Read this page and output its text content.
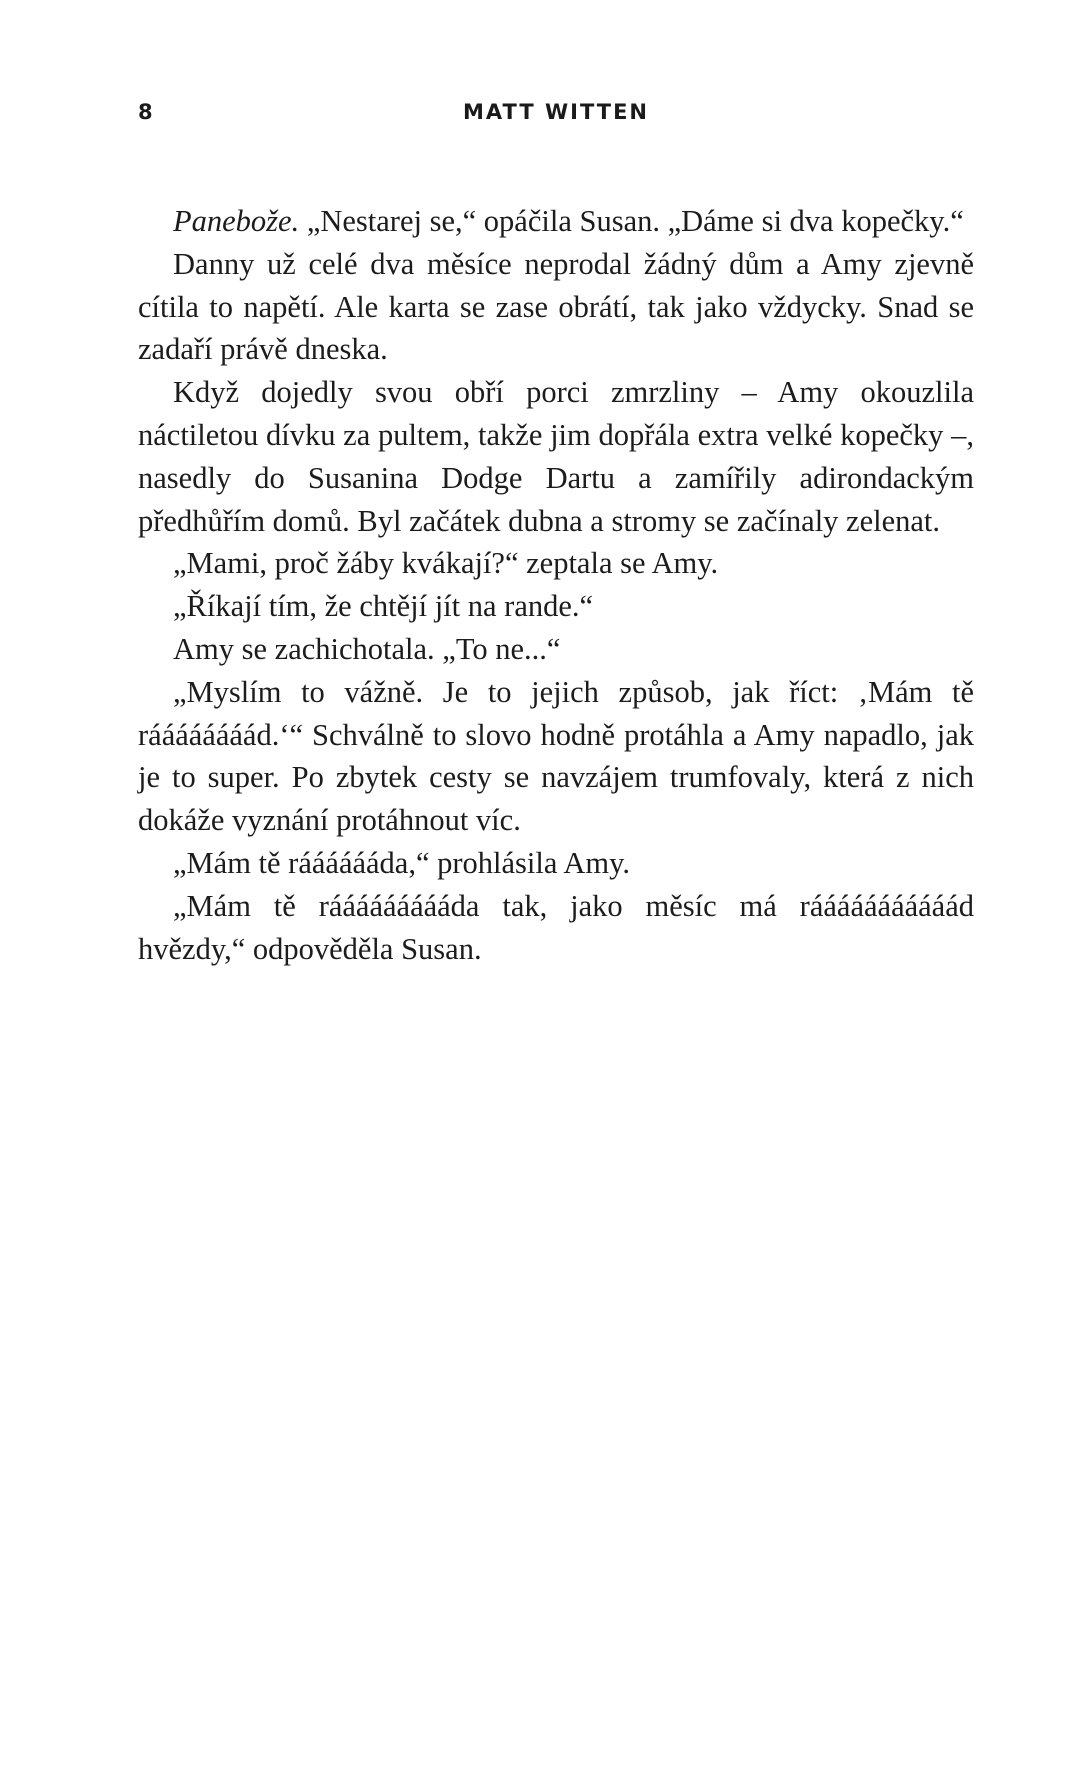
8	MATT WITTEN

Panebože. „Nestarej se,“ opáčila Susan. „Dáme si dva kopečky.“

Danny už celé dva měsíce neprodal žádný dům a Amy zjevně cítila to napětí. Ale karta se zase obrátí, tak jako vždycky. Snad se zadaří právě dneska.

Když dojedly svou obří porci zmrzliny – Amy okouzlila náctiletou dívku za pultem, takže jim dopřála extra velké kopečky –, nasedly do Susanina Dodge Dartu a zamířily adirondackým předhůřím domů. Byl začátek dubna a stromy se začínaly zelenat.

„Mami, proč žáby kvákají?“ zeptala se Amy.

„Říkají tím, že chtějí jít na rande.“

Amy se zachichotala. „To ne...“

„Myslím to vážně. Je to jejich způsob, jak říct: ‚Mám tě ráááááááád.‘“ Schválně to slovo hodně protáhla a Amy napadlo, jak je to super. Po zbytek cesty se navzájem trumfovaly, která z nich dokáže vyznání protáhnout víc.

„Mám tě rááááááda,“ prohlásila Amy.

„Mám tě ráááááááááda tak, jako měsíc má rááááááááááád hvězdy,“ odpověděla Susan.
